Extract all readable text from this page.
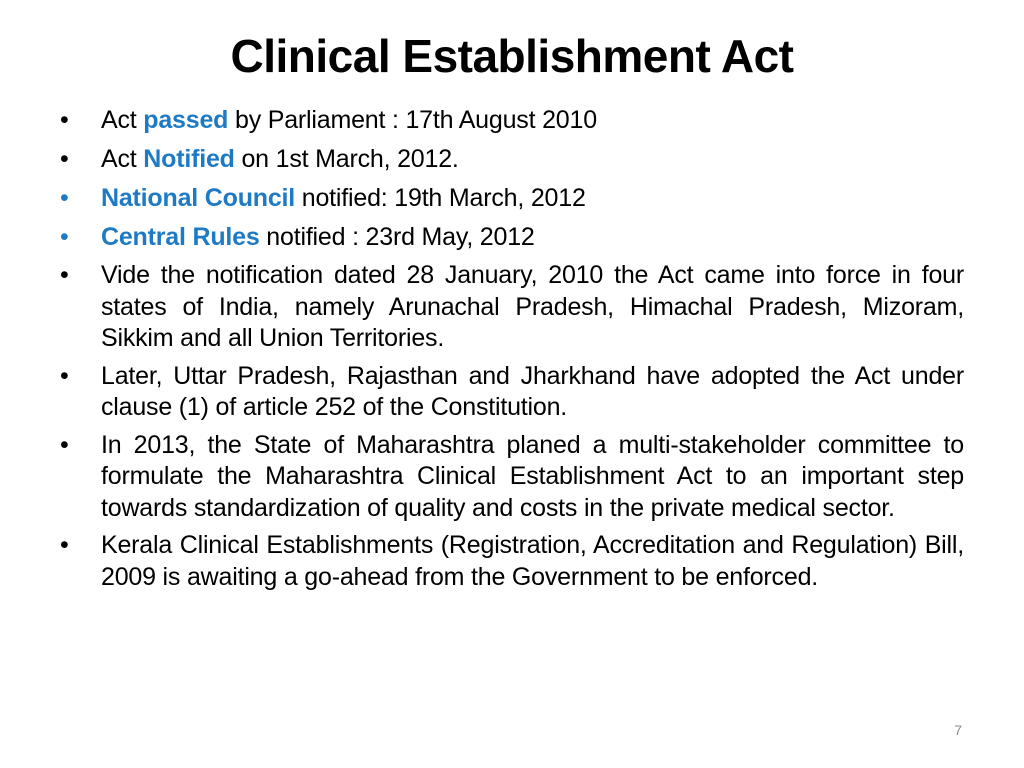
Clinical Establishment Act
•	Act passed by Parliament : 17th August 2010
•	Act Notified on 1st March, 2012.
•	National Council notified: 19th March, 2012
•	Central Rules notified : 23rd May, 2012
•	Vide the notification dated 28 January, 2010 the Act came into force in four states of India, namely Arunachal Pradesh, Himachal Pradesh, Mizoram, Sikkim and all Union Territories.
•	Later, Uttar Pradesh, Rajasthan and Jharkhand have adopted the Act under clause (1) of article 252 of the Constitution.
•	In 2013, the State of Maharashtra planed a multi-stakeholder committee to formulate the Maharashtra Clinical Establishment Act to an important step towards standardization of quality and costs in the private medical sector.
•	Kerala Clinical Establishments (Registration, Accreditation and Regulation) Bill, 2009 is awaiting a go-ahead from the Government to be enforced.
7
